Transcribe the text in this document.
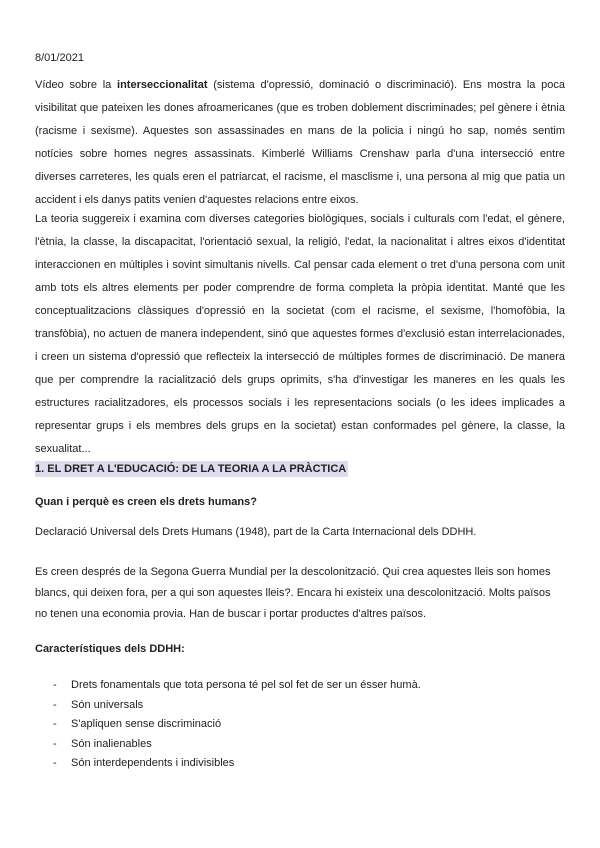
8/01/2021

Vídeo sobre la interseccionalitat (sistema d'opressió, dominació o discriminació). Ens mostra la poca visibilitat que pateixen les dones afroamericanes (que es troben doblement discriminades; pel gènere i ètnia (racisme i sexisme). Aquestes son assassinades en mans de la policia i ningú ho sap, només sentim notícies sobre homes negres assassinats. Kimberlé Williams Crenshaw parla d'una intersecció entre diverses carreteres, les quals eren el patriarcat, el racisme, el masclisme i, una persona al mig que patia un accident i els danys patits venien d'aquestes relacions entre eixos.

La teoria suggereix i examina com diverses categories biològiques, socials i culturals com l'edat, el gènere, l'ètnia, la classe, la discapacitat, l'orientació sexual, la religió, l'edat, la nacionalitat i altres eixos d'identitat interaccionen en múltiples i sovint simultanis nivells. Cal pensar cada element o tret d'una persona com unit amb tots els altres elements per poder comprendre de forma completa la pròpia identitat. Manté que les conceptualitzacions clàssiques d'opressió en la societat (com el racisme, el sexisme, l'homofòbia, la transfòbia), no actuen de manera independent, sinó que aquestes formes d'exclusió estan interrelacionades, i creen un sistema d'opressió que reflecteix la intersecció de múltiples formes de discriminació. De manera que per comprendre la racialització dels grups oprimits, s'ha d'investigar les maneres en les quals les estructures racialitzadores, els processos socials i les representacions socials (o les idees implicades a representar grups i els membres dels grups en la societat) estan conformades pel gènere, la classe, la sexualitat...

1. EL DRET A L'EDUCACIÓ: DE LA TEORIA A LA PRÀCTICA
Quan i perquè es creen els drets humans?
Declaració Universal dels Drets Humans (1948), part de la Carta Internacional dels DDHH.

Es creen després de la Segona Guerra Mundial per la descolonització. Qui crea aquestes lleis son homes blancs, qui deixen fora, per a qui son aquestes lleis?. Encara hi existeix una descolonització. Molts països no tenen una economia provia. Han de buscar i portar productes d'altres països.

Característiques dels DDHH:
- Drets fonamentals que tota persona té pel sol fet de ser un ésser humà.
- Són universals
- S'apliquen sense discriminació
- Són inalienables
- Són interdependents i indivisibles
